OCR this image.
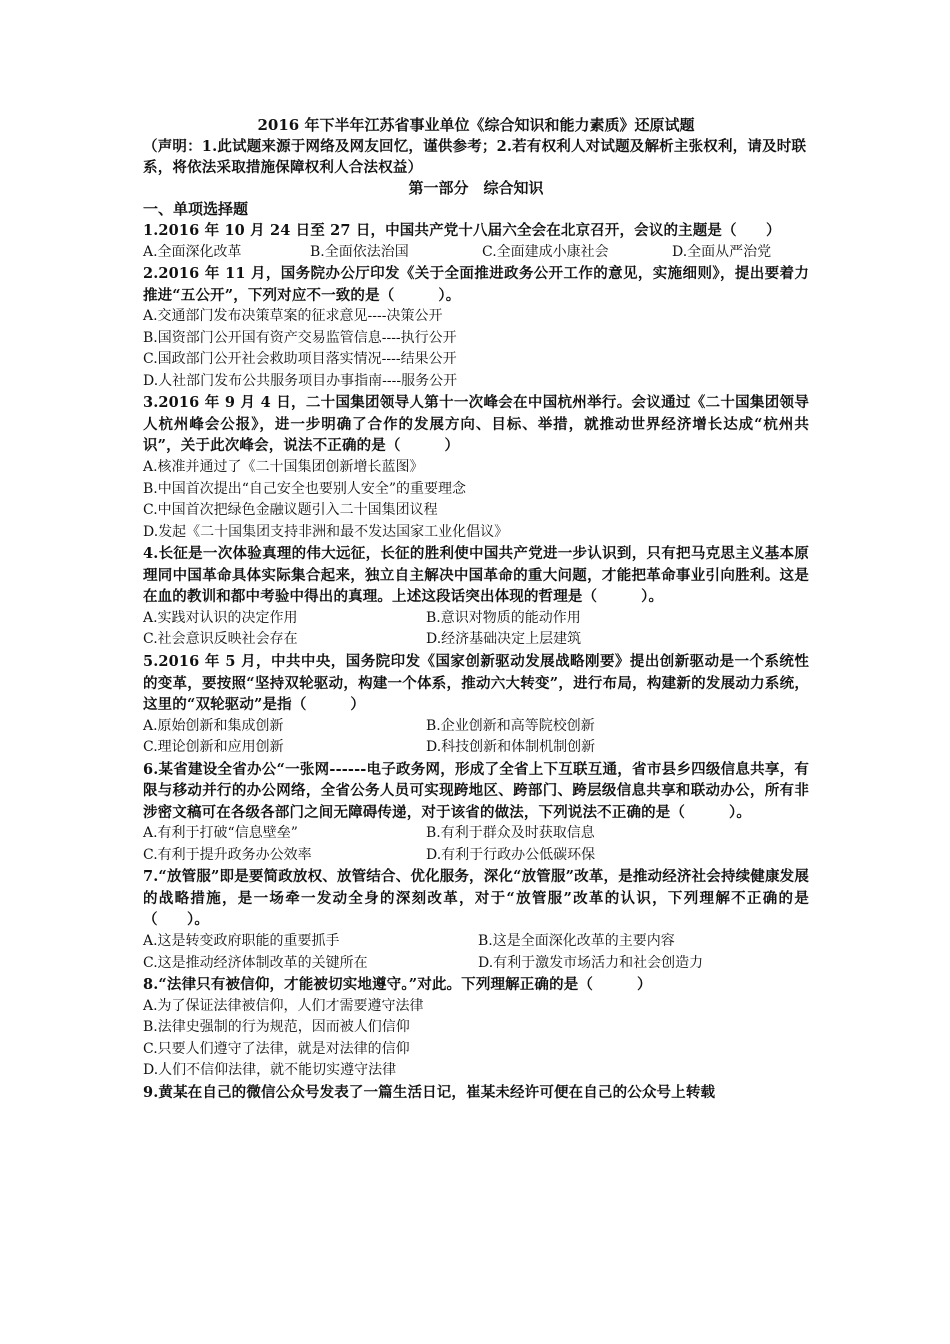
2016 年下半年江苏省事业单位《综合知识和能力素质》还原试题

（声明：1.此试题来源于网络及网友回忆，谨供参考；2.若有权利人对试题及解析主张权利，请及时联系，将依法采取措施保障权利人合法权益）

第一部分　综合知识

一、单项选择题

1.2016 年 10 月 24 日至 27 日，中国共产党十八届六全会在北京召开，会议的主题是（　　）

A.全面深化改革	B.全面依法治国	C.全面建成小康社会	D.全面从严治党

2.2016 年 11 月，国务院办公厅印发《关于全面推进政务公开工作的意见，实施细则》，提出要着力推进“五公开”，下列对应不一致的是（　　　）。

A.交通部门发布决策草案的征求意见----决策公开

B.国资部门公开国有资产交易监管信息----执行公开

C.国政部门公开社会救助项目落实情况----结果公开

D.人社部门发布公共服务项目办事指南----服务公开

3.2016 年 9 月 4 日，二十国集团领导人第十一次峰会在中国杭州举行。会议通过《二十国集团领导人杭州峰会公报》，进一步明确了合作的发展方向、目标、举措，就推动世界经济增长达成“杭州共识”，关于此次峰会，说法不正确的是（　　　）

A.核准并通过了《二十国集团创新增长蓝图》

B.中国首次提出“自己安全也要别人安全”的重要理念

C.中国首次把绿色金融议题引入二十国集团议程

D.发起《二十国集团支持非洲和最不发达国家工业化倡议》

4.长征是一次体验真理的伟大远征，长征的胜利使中国共产党进一步认识到，只有把马克思主义基本原理同中国革命具体实际集合起来，独立自主解决中国革命的重大问题，才能把革命事业引向胜利。这是在血的教训和都中考验中得出的真理。上述这段话突出体现的哲理是（　　　）。

A.实践对认识的决定作用	B.意识对物质的能动作用
C.社会意识反映社会存在	D.经济基础决定上层建筑

5.2016 年 5 月，中共中央，国务院印发《国家创新驱动发展战略刚要》提出创新驱动是一个系统性的变革，要按照“坚持双轮驱动，构建一个体系，推动六大转变”，进行布局，构建新的发展动力系统，这里的“双轮驱动”是指（　　　）

A.原始创新和集成创新	B.企业创新和高等院校创新
C.理论创新和应用创新	D.科技创新和体制机制创新

6.某省建设全省办公“一张网------电子政务网，形成了全省上下互联互通，省市县乡四级信息共享，有限与移动并行的办公网络，全省公务人员可实现跨地区、跨部门、跨层级信息共享和联动办公，所有非涉密文稿可在各级各部门之间无障碍传递，对于该省的做法，下列说法不正确的是（　　　）。

A.有利于打破“信息壁垒”	B.有利于群众及时获取信息
C.有利于提升政务办公效率	D.有利于行政办公低碳环保

7.“放管服”即是要简政放权、放管结合、优化服务，深化“放管服”改革，是推动经济社会持续健康发展的战略措施，是一场牵一发动全身的深刻改革，对于“放管服”改革的认识，下列理解不正确的是（　　）。

A.这是转变政府职能的重要抓手	B.这是全面深化改革的主要内容
C.这是推动经济体制改革的关键所在	D.有利于激发市场活力和社会创造力

8.“法律只有被信仰，才能被切实地遵守。”对此。下列理解正确的是（　　　）

A.为了保证法律被信仰，人们才需要遵守法律

B.法律史强制的行为规范，因而被人们信仰

C.只要人们遵守了法律，就是对法律的信仰

D.人们不信仰法律，就不能切实遵守法律

9.黄某在自己的微信公众号发表了一篇生活日记，崔某未经许可便在自己的公众号上转载
